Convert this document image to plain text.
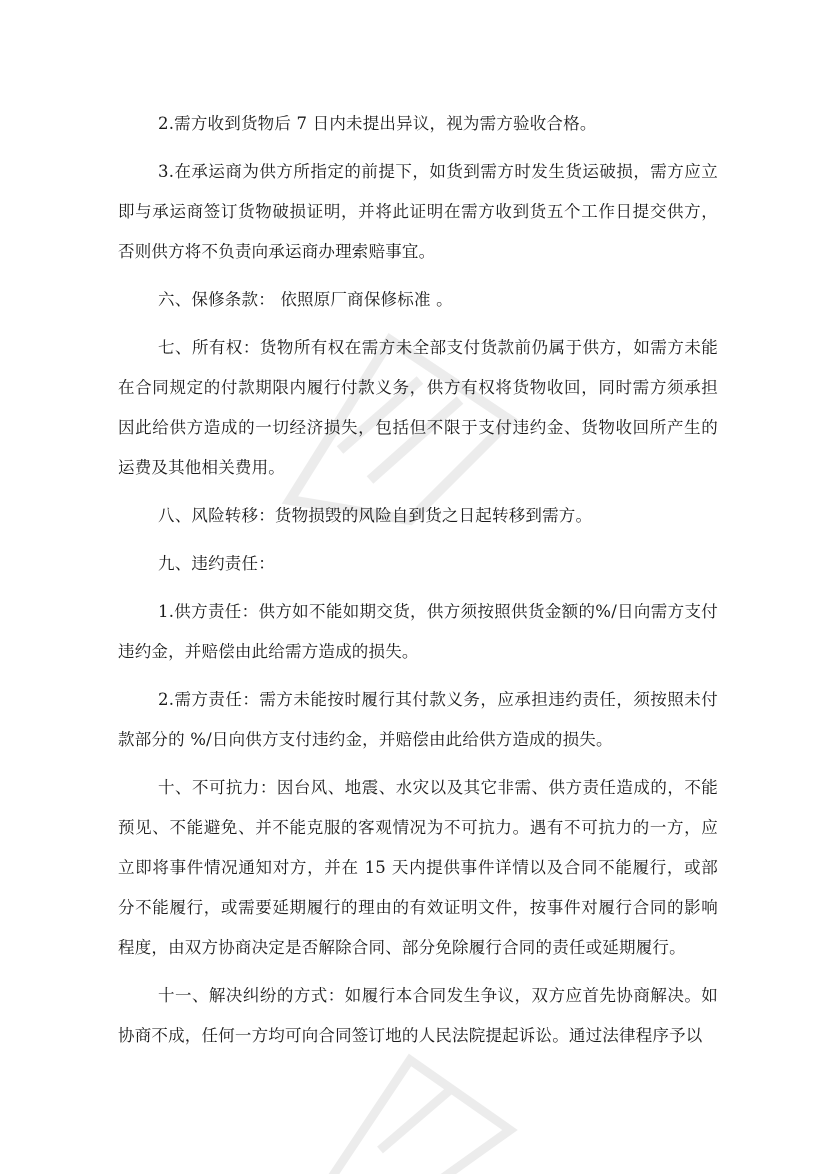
2.需方收到货物后 7 日内未提出异议，视为需方验收合格。

3.在承运商为供方所指定的前提下，如货到需方时发生货运破损，需方应立即与承运商签订货物破损证明，并将此证明在需方收到货五个工作日提交供方，否则供方将不负责向承运商办理索赔事宜。

六、保修条款： 依照原厂商保修标准 。

七、所有权：货物所有权在需方未全部支付货款前仍属于供方，如需方未能在合同规定的付款期限内履行付款义务，供方有权将货物收回，同时需方须承担因此给供方造成的一切经济损失，包括但不限于支付违约金、货物收回所产生的运费及其他相关费用。

八、风险转移：货物损毁的风险自到货之日起转移到需方。

九、违约责任：

1.供方责任：供方如不能如期交货，供方须按照供货金额的%/日向需方支付违约金，并赔偿由此给需方造成的损失。

2.需方责任：需方未能按时履行其付款义务，应承担违约责任，须按照未付款部分的 %/日向供方支付违约金，并赔偿由此给供方造成的损失。

十、不可抗力：因台风、地震、水灾以及其它非需、供方责任造成的，不能预见、不能避免、并不能克服的客观情况为不可抗力。遇有不可抗力的一方，应立即将事件情况通知对方，并在 15 天内提供事件详情以及合同不能履行，或部分不能履行，或需要延期履行的理由的有效证明文件，按事件对履行合同的影响程度，由双方协商决定是否解除合同、部分免除履行合同的责任或延期履行。

十一、解决纠纷的方式：如履行本合同发生争议，双方应首先协商解决。如协商不成，任何一方均可向合同签订地的人民法院提起诉讼。通过法律程序予以
